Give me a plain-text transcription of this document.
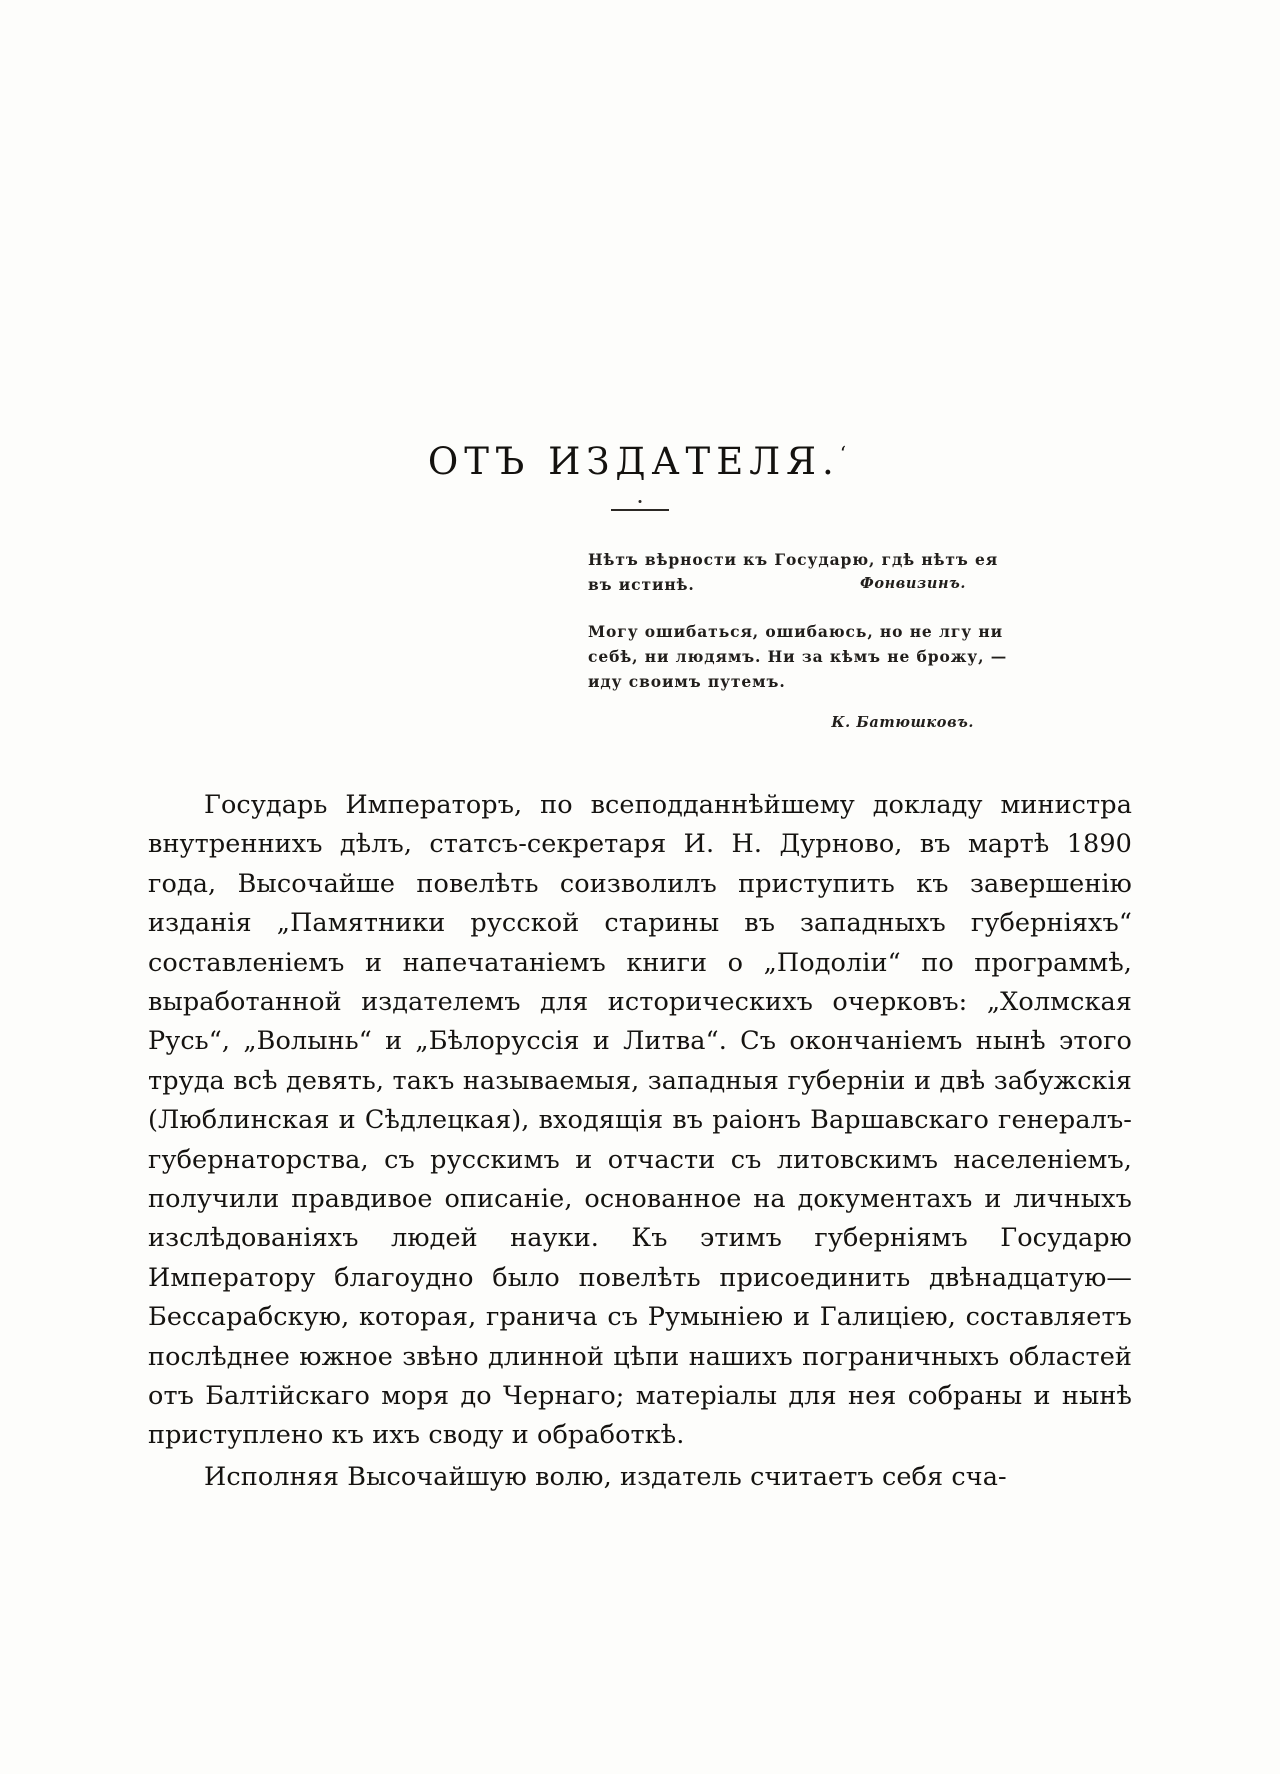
ОТЪ ИЗДАТЕЛЯ.‘
Нѣтъ вѣрности къ Государю, гдѣ нѣтъ ея въ истинѣ.	Фонвизинъ.
Могу ошибаться, ошибаюсь, но не лгу ни себѣ, ни людямъ. Ни за кѣмъ не брожу, — иду своимъ путемъ.
К. Батюшковъ.

Государь Императоръ, по всеподданнѣйшему докладу министра внутреннихъ дѣлъ, статсъ-секретаря И. Н. Дурново, въ мартѣ 1890 года, Высочайше повелѣть соизволилъ приступить къ завершенію изданія „Памятники русской старины въ западныхъ губерніяхъ“ составленіемъ и напечатаніемъ книги о „Подоліи“ по программѣ, выработанной издателемъ для историческихъ очерковъ: „Холмская Русь“, „Волынь“ и „Бѣлоруссія и Литва“. Съ окончаніемъ нынѣ этого труда всѣ девять, такъ называемыя, западныя губерніи и двѣ забужскія (Люблинская и Сѣдлецкая), входящія въ раіонъ Варшавскаго генералъ-губернаторства, съ русскимъ и отчасти съ литовскимъ населеніемъ, получили правдивое описаніе, основанное на документахъ и личныхъ изслѣдованіяхъ людей науки. Къ этимъ губерніямъ Государю Императору благоудно было повелѣть присоединить двѣнадцатую—Бессарабскую, которая, гранича съ Румыніею и Галиціею, составляетъ послѣднее южное звѣно длинной цѣпи нашихъ пограничныхъ областей отъ Балтійскаго моря до Чернаго; матеріалы для нея собраны и нынѣ приступлено къ ихъ своду и обработкѣ.

Исполняя Высочайшую волю, издатель считаетъ себя сча-
